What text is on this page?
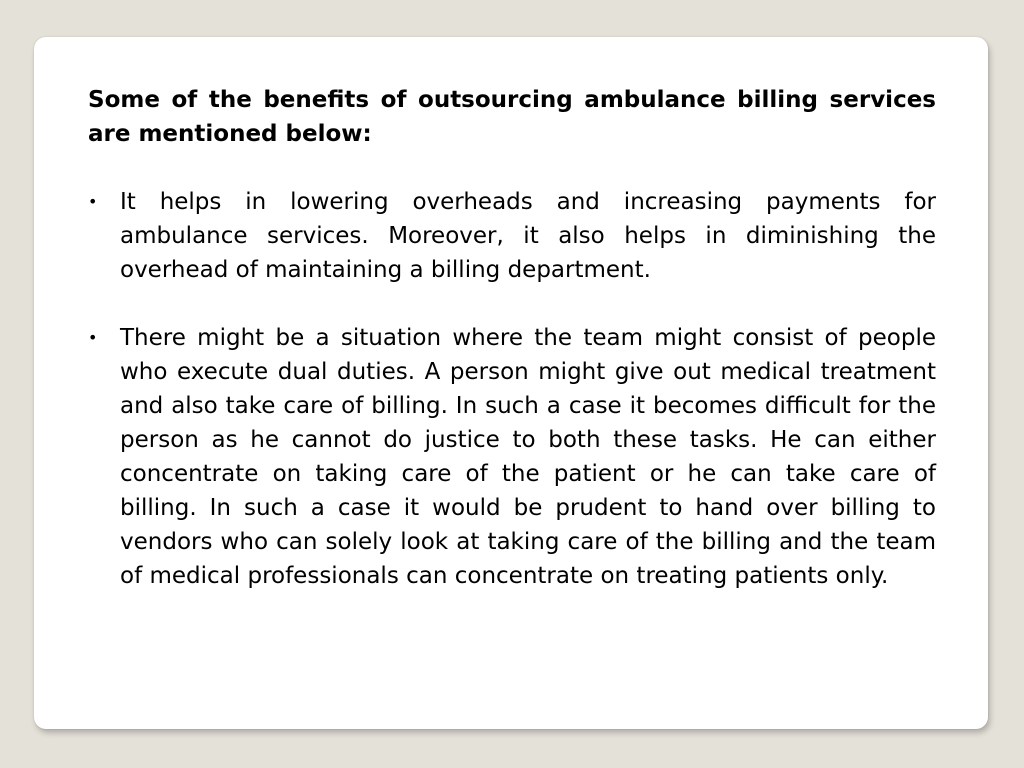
Some of the benefits of outsourcing ambulance billing services are mentioned below:

• It helps in lowering overheads and increasing payments for ambulance services. Moreover, it also helps in diminishing the overhead of maintaining a billing department.
• There might be a situation where the team might consist of people who execute dual duties. A person might give out medical treatment and also take care of billing. In such a case it becomes difficult for the person as he cannot do justice to both these tasks. He can either concentrate on taking care of the patient or he can take care of billing. In such a case it would be prudent to hand over billing to vendors who can solely look at taking care of the billing and the team of medical professionals can concentrate on treating patients only.
